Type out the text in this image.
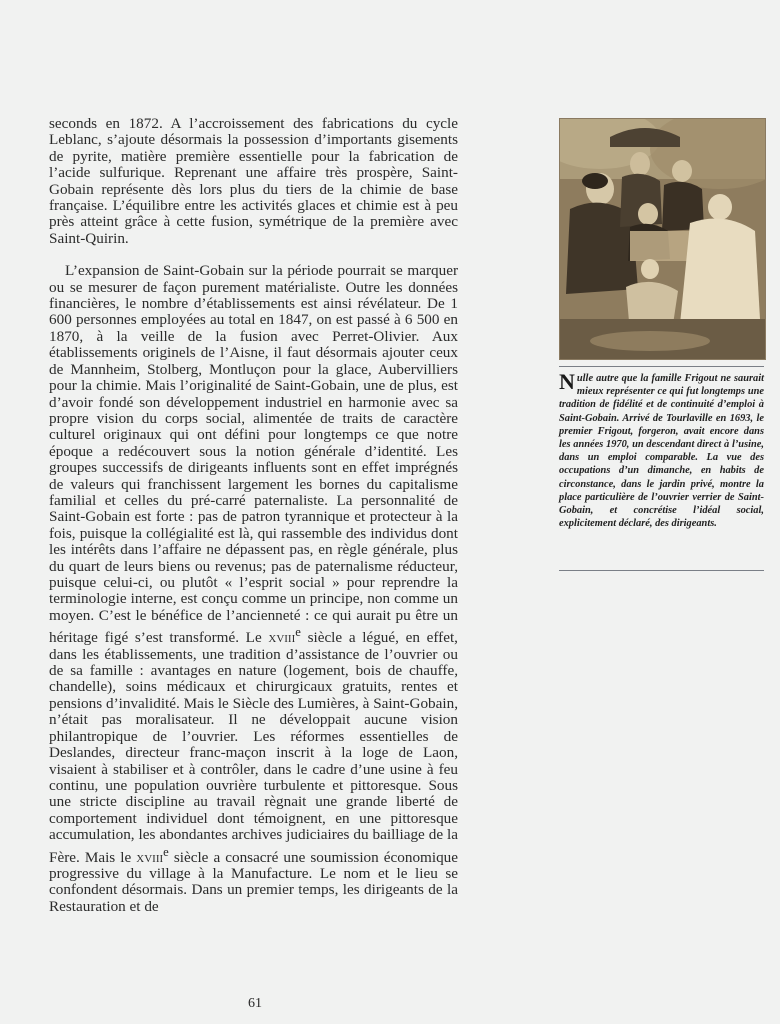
seconds en 1872. A l’accroissement des fabrications du cycle Leblanc, s’ajoute désormais la possession d’importants gisements de pyrite, matière première essentielle pour la fabrication de l’acide sulfurique. Reprenant une affaire très prospère, Saint-Gobain représente dès lors plus du tiers de la chimie de base française. L’équilibre entre les activités glaces et chimie est à peu près atteint grâce à cette fusion, symétrique de la première avec Saint-Quirin.

L’expansion de Saint-Gobain sur la période pourrait se marquer ou se mesurer de façon purement matérialiste. Outre les données financières, le nombre d’établissements est ainsi révélateur. De 1 600 personnes employées au total en 1847, on est passé à 6 500 en 1870, à la veille de la fusion avec Perret-Olivier. Aux établissements originels de l’Aisne, il faut désormais ajouter ceux de Mannheim, Stolberg, Montluçon pour la glace, Aubervilliers pour la chimie. Mais l’originalité de Saint-Gobain, une de plus, est d’avoir fondé son développement industriel en harmonie avec sa propre vision du corps social, alimentée de traits de caractère culturel originaux qui ont défini pour longtemps ce que notre époque a redécouvert sous la notion générale d’identité. Les groupes successifs de dirigeants influents sont en effet imprégnés de valeurs qui franchissent largement les bornes du capitalisme familial et celles du pré-carré paternaliste. La personnalité de Saint-Gobain est forte : pas de patron tyrannique et protecteur à la fois, puisque la collégialité est là, qui rassemble des individus dont les intérêts dans l’affaire ne dépassent pas, en règle générale, plus du quart de leurs biens ou revenus; pas de paternalisme réducteur, puisque celui-ci, ou plutôt « l’esprit social » pour reprendre la terminologie interne, est conçu comme un principe, non comme un moyen. C’est le bénéfice de l’ancienneté : ce qui aurait pu être un héritage figé s’est transformé. Le xviii$^e$ siècle a légué, en effet, dans les établissements, une tradition d’assistance de l’ouvrier ou de sa famille : avantages en nature (logement, bois de chauffe, chandelle), soins médicaux et chirurgicaux gratuits, rentes et pensions d’invalidité. Mais le Siècle des Lumières, à Saint-Gobain, n’était pas moralisateur. Il ne développait aucune vision philantropique de l’ouvrier. Les réformes essentielles de Deslandes, directeur franc-maçon inscrit à la loge de Laon, visaient à stabiliser et à contrôler, dans le cadre d’une usine à feu continu, une population ouvrière turbulente et pittoresque. Sous une stricte discipline au travail règnait une grande liberté de comportement individuel dont témoignent, en une pittoresque accumulation, les abondantes archives judiciaires du bailliage de la Fère. Mais le xviii$^e$ siècle a consacré une soumission économique progressive du village à la Manufacture. Le nom et le lieu se confondent désormais. Dans un premier temps, les dirigeants de la Restauration et de

Nulle autre que la famille Frigout ne saurait mieux représenter ce qui fut longtemps une tradition de fidélité et de continuité d’emploi à Saint-Gobain. Arrivé de Tourlaville en 1693, le premier Frigout, forgeron, avait encore dans les années 1970, un descendant direct à l’usine, dans un emploi comparable. La vue des occupations d’un dimanche, en habits de circonstance, dans le jardin privé, montre la place particulière de l’ouvrier verrier de Saint-Gobain, et concrétise l’idéal social, explicitement déclaré, des dirigeants.
61
